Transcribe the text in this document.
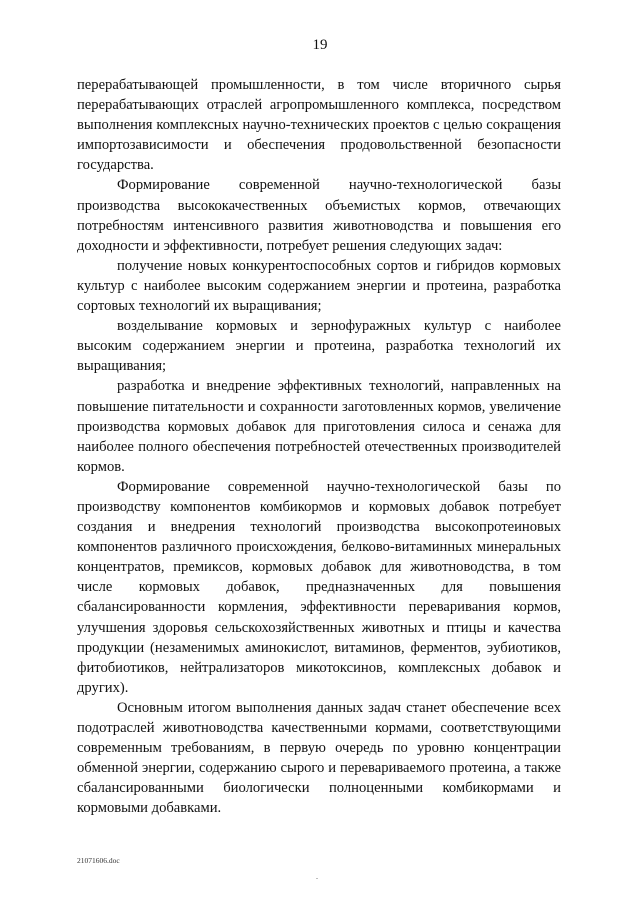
19

перерабатывающей промышленности, в том числе вторичного сырья перерабатывающих отраслей агропромышленного комплекса, посредством выполнения комплексных научно-технических проектов с целью сокращения импортозависимости и обеспечения продовольственной безопасности государства.

Формирование современной научно-технологической базы производства высококачественных объемистых кормов, отвечающих потребностям интенсивного развития животноводства и повышения его доходности и эффективности, потребует решения следующих задач:

получение новых конкурентоспособных сортов и гибридов кормовых культур с наиболее высоким содержанием энергии и протеина, разработка сортовых технологий их выращивания;

возделывание кормовых и зернофуражных культур с наиболее высоким содержанием энергии и протеина, разработка технологий их выращивания;

разработка и внедрение эффективных технологий, направленных на повышение питательности и сохранности заготовленных кормов, увеличение производства кормовых добавок для приготовления силоса и сенажа для наиболее полного обеспечения потребностей отечественных производителей кормов.

Формирование современной научно-технологической базы по производству компонентов комбикормов и кормовых добавок потребует создания и внедрения технологий производства высокопротеиновых компонентов различного происхождения, белково-витаминных минеральных концентратов, премиксов, кормовых добавок для животноводства, в том числе кормовых добавок, предназначенных для повышения сбалансированности кормления, эффективности переваривания кормов, улучшения здоровья сельскохозяйственных животных и птицы и качества продукции (незаменимых аминокислот, витаминов, ферментов, эубиотиков, фитобиотиков, нейтрализаторов микотоксинов, комплексных добавок и других).

Основным итогом выполнения данных задач станет обеспечение всех подотраслей животноводства качественными кормами, соответствующими современным требованиям, в первую очередь по уровню концентрации обменной энергии, содержанию сырого и перевариваемого протеина, а также сбалансированными биологически полноценными комбикормами и кормовыми добавками.

21071606.doc
.
